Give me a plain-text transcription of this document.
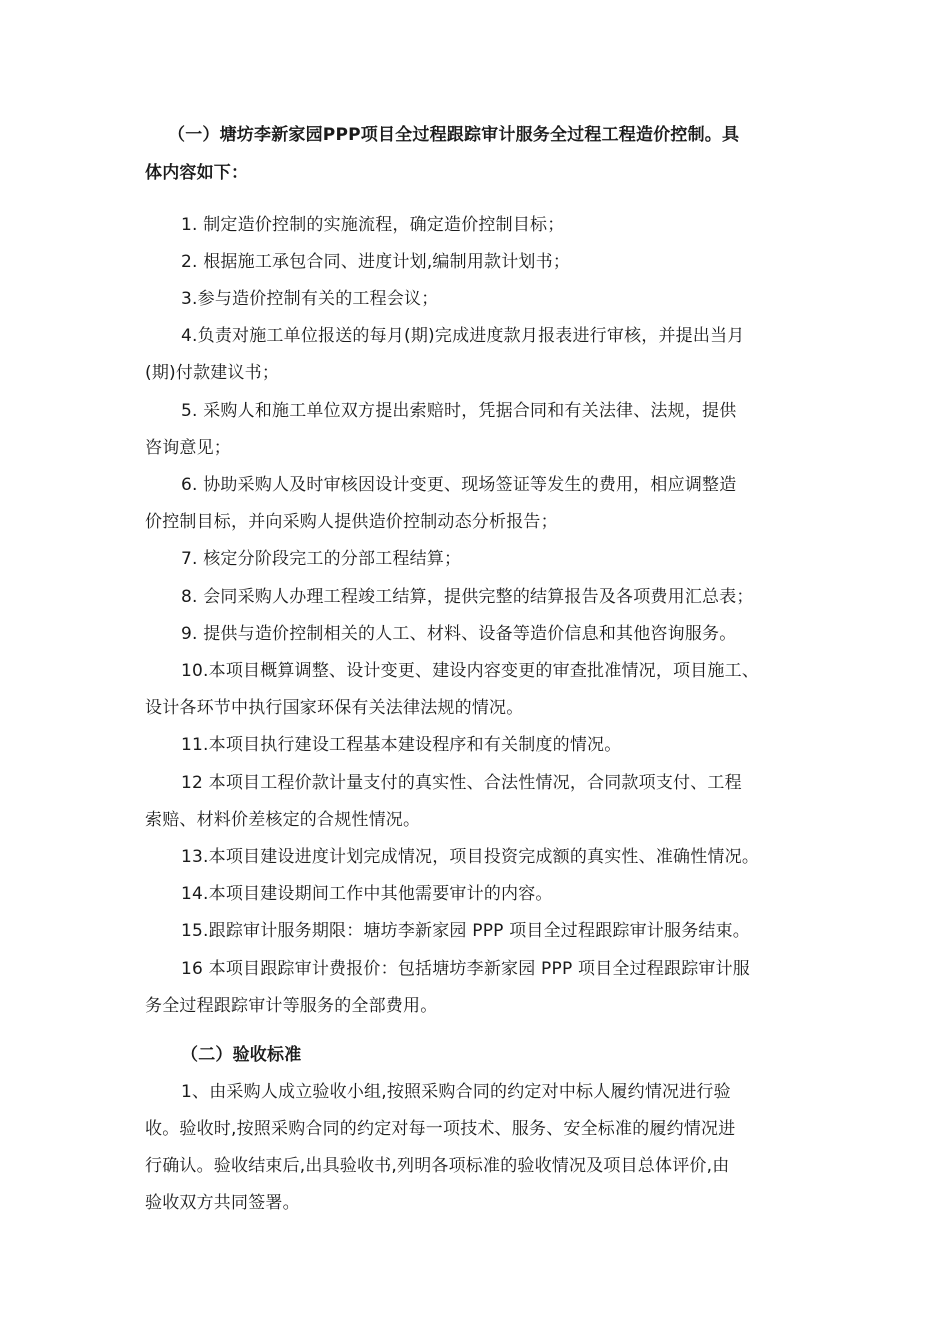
（一）塘坊李新家园PPP项目全过程跟踪审计服务全过程工程造价控制。具
体内容如下：
1. 制定造价控制的实施流程，确定造价控制目标；
2. 根据施工承包合同、进度计划,编制用款计划书；
3.参与造价控制有关的工程会议；
4.负责对施工单位报送的每月(期)完成进度款月报表进行审核，并提出当月
(期)付款建议书；
5. 采购人和施工单位双方提出索赔时，凭据合同和有关法律、法规，提供
咨询意见；
6. 协助采购人及时审核因设计变更、现场签证等发生的费用，相应调整造
价控制目标，并向采购人提供造价控制动态分析报告；
7. 核定分阶段完工的分部工程结算；
8. 会同采购人办理工程竣工结算，提供完整的结算报告及各项费用汇总表；
9. 提供与造价控制相关的人工、材料、设备等造价信息和其他咨询服务。
10.本项目概算调整、设计变更、建设内容变更的审查批准情况，项目施工、
设计各环节中执行国家环保有关法律法规的情况。
11.本项目执行建设工程基本建设程序和有关制度的情况。
12 本项目工程价款计量支付的真实性、合法性情况，合同款项支付、工程
索赔、材料价差核定的合规性情况。
13.本项目建设进度计划完成情况，项目投资完成额的真实性、准确性情况。
14.本项目建设期间工作中其他需要审计的内容。
15.跟踪审计服务期限：塘坊李新家园 PPP 项目全过程跟踪审计服务结束。
16 本项目跟踪审计费报价：包括塘坊李新家园 PPP 项目全过程跟踪审计服
务全过程跟踪审计等服务的全部费用。
（二）验收标准
1、由采购人成立验收小组,按照采购合同的约定对中标人履约情况进行验
收。验收时,按照采购合同的约定对每一项技术、服务、安全标准的履约情况进
行确认。验收结束后,出具验收书,列明各项标准的验收情况及项目总体评价,由
验收双方共同签署。
